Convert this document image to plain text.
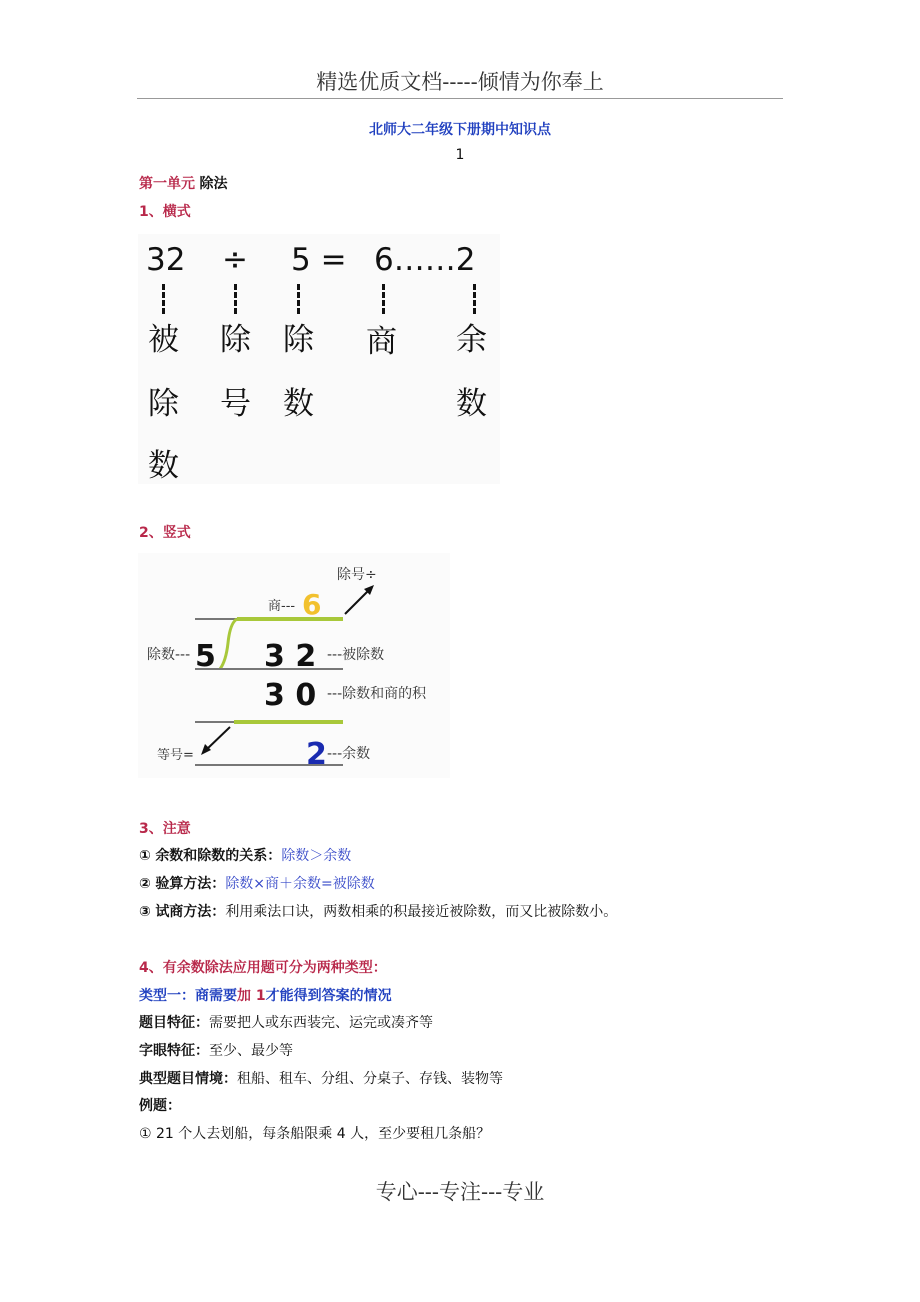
精选优质文档-----倾情为你奉上
北师大二年级下册期中知识点
1
第一单元 除法
1、横式
32 ÷ 5 = 6……2
被
除
数
除
号
除
数
商 余
数
2、竖式
除号÷
商--- 6
除数--- 5 3 2 ---被除数
3 0 ---除数和商的积
等号=	2 ---余数
3、注意
① 余数和除数的关系：除数＞余数
② 验算方法：除数×商＋余数=被除数
③ 试商方法：利用乘法口诀，两数相乘的积最接近被除数，而又比被除数小。
4、有余数除法应用题可分为两种类型：
类型一：商需要加 1才能得到答案的情况
题目特征：需要把人或东西装完、运完或凑齐等
字眼特征：至少、最少等
典型题目情境：租船、租车、分组、分桌子、存钱、装物等
例题：
① 21 个人去划船，每条船限乘 4 人，至少要租几条船？
专心---专注---专业
